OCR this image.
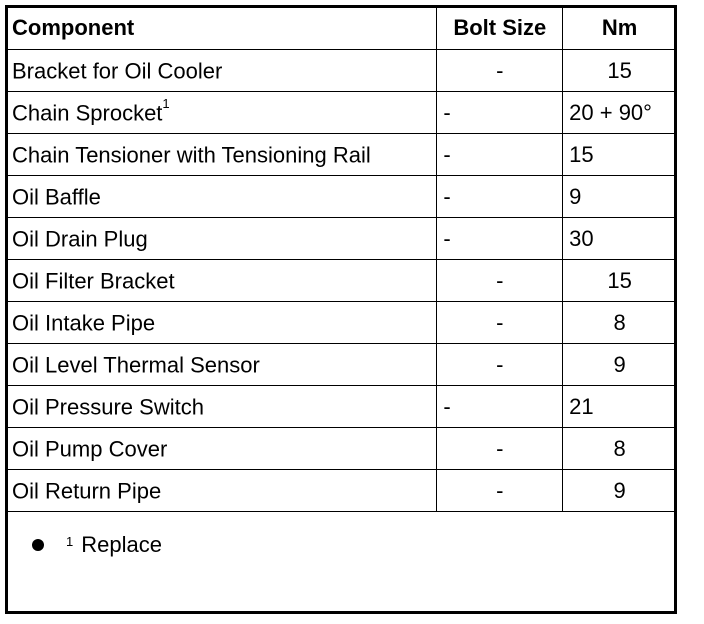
Component	Bolt Size	Nm
Bracket for Oil Cooler	-	15
Chain Sprocket$^1$	-	20 + 90°
Chain Tensioner with Tensioning Rail	-	15
Oil Baffle	-	9
Oil Drain Plug	-	30
Oil Filter Bracket	-	15
Oil Intake Pipe	-	8
Oil Level Thermal Sensor	-	9
Oil Pressure Switch	-	21
Oil Pump Cover	-	8
Oil Return Pipe	-	9
$^1$ Replace
